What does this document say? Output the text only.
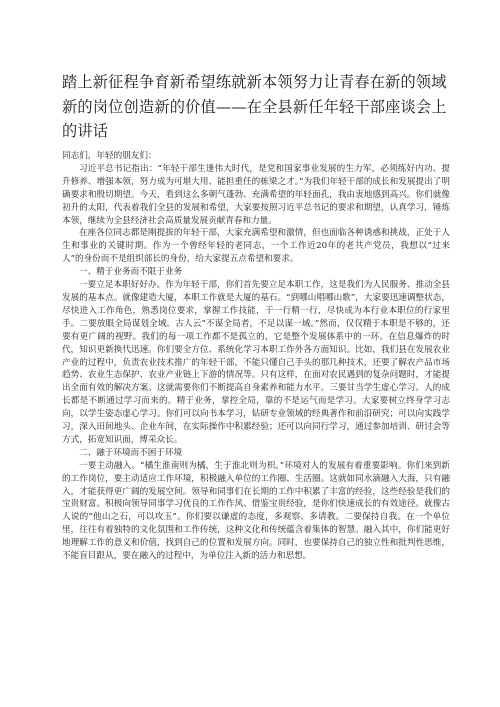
踏上新征程争育新希望练就新本领努力让青春在新的领域新的岗位创造新的价值——在全县新任年轻干部座谈会上的讲话

同志们，年轻的朋友们：

习近平总书记指出：“年轻干部生逢伟大时代，是党和国家事业发展的生力军，必须练好内功、提升修养、增强本领，努力成为可堪大用、能担重任的栋梁之才。”为我们年轻干部的成长和发展提出了明确要求和殷切期望。今天，看到这么多朝气蓬勃、充满希望的年轻面孔，我由衷地感到高兴。你们就像初升的太阳，代表着我们全县的发展和希望，大家要按照习近平总书记的要求和期望，认真学习，锤炼本领，继续为全县经济社会高质量发展贡献青春和力量。

在座各位同志都是刚提拔的年轻干部，大家充满希望和激情，但也面临各种诱惑和挑战，正处于人生和事业的关键时期。作为一个曾经年轻的老同志，一个工作近20年的老共产党员，我想以“过来人”的身份而不是组织部长的身份，给大家提五点希望和要求。

一、精于业务而不限于业务

一要立足本职好好办。作为年轻干部，你们首先要立足本职工作，这是我们为人民服务、推动全县发展的基本点。就像建造大厦，本职工作就是大厦的基石。“到哪山唱哪山歌”，大家要迅速调整状态，尽快进入工作角色，熟悉岗位要求，掌握工作技能，干一行精一行，尽快成为本行业本职位的行家里手。二要放眼全局谋划全域。古人云“不谋全局者，不足以谋一域。”然而，仅仅精于本职是不够的，还要有更广阔的视野。我们的每一项工作都不是孤立的，它是整个发展体系中的一环。在信息爆炸的时代，知识更新换代迅速。你们要全方位、系统化学习本职工作外各方面知识。比如，我们县在发展农业产业的过程中，负责农业技术推广的年轻干部，不能只懂自己手头的那几种技术，还要了解农产品市场趋势、农业生态保护、农业产业链上下游的情况等。只有这样，在面对农民遇到的复杂问题时，才能提出全面有效的解决方案。这就需要你们不断提高自身素养和能力水平。三要甘当学生虚心学习。人的成长都是不断通过学习而来的。精于业务，掌控全局，靠的不是运气而是学习。大家要树立终身学习志向，以学生姿态虚心学习。你们可以向书本学习，钻研专业领域的经典著作和前沿研究；可以向实践学习，深入田间地头、企业车间，在实际操作中积累经验；还可以向同行学习，通过参加培训、研讨会等方式，拓宽知识面，博采众长。

二、融于环境而不困于环境

一要主动融入。“橘生淮南则为橘，生于淮北则为枳。”环境对人的发展有着重要影响。你们来到新的工作岗位，要主动适应工作环境，积极融入单位的工作圈、生活圈。这就如同水滴融入大海，只有融入，才能获得更广阔的发展空间。领导和同事们在长期的工作中积累了丰富的经验，这些经验是我们的宝贵财富。积极向领导同事学习优良的工作作风、借鉴宝贵经验，是你们快速成长的有效途径。就像古人说的“他山之石，可以攻玉”。你们要以谦虚的态度，多观察、多请教。二要保持自我。在一个单位里，往往有着独特的文化氛围和工作传统，这种文化和传统蕴含着集体的智慧。融入其中，你们能更好地理解工作的意义和价值，找到自己的位置和发展方向。同时，也要保持自己的独立性和批判性思维，不能盲目跟从，要在融入的过程中，为单位注入新的活力和思想。
